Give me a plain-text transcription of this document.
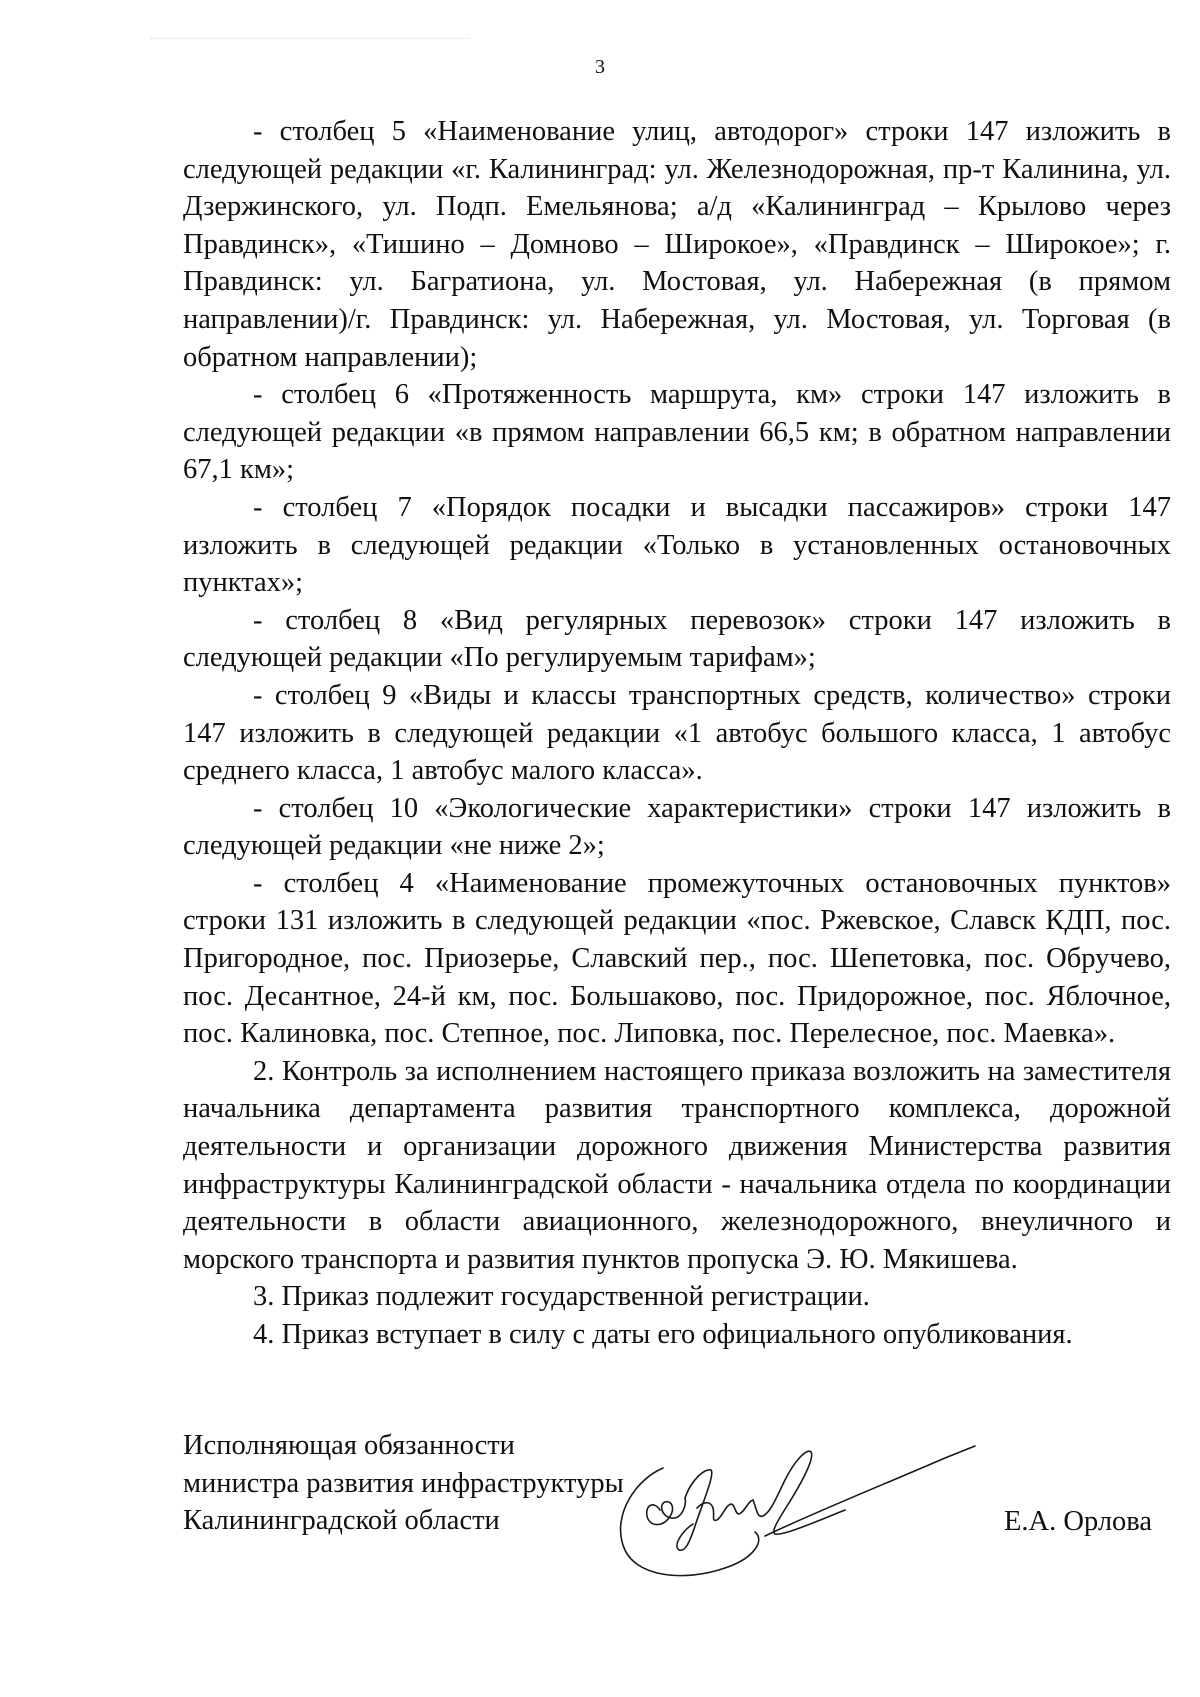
3

- столбец 5 «Наименование улиц, автодорог» строки 147 изложить в следующей редакции «г. Калининград: ул. Железнодорожная, пр-т Калинина, ул. Дзержинского, ул. Подп. Емельянова; а/д «Калининград – Крылово через Правдинск», «Тишино – Домново – Широкое», «Правдинск – Широкое»; г. Правдинск: ул. Багратиона, ул. Мостовая, ул. Набережная (в прямом направлении)/г. Правдинск: ул. Набережная, ул. Мостовая, ул. Торговая (в обратном направлении);

- столбец 6 «Протяженность маршрута, км» строки 147 изложить в следующей редакции «в прямом направлении 66,5 км; в обратном направлении 67,1 км»;

- столбец 7 «Порядок посадки и высадки пассажиров» строки 147 изложить в следующей редакции «Только в установленных остановочных пунктах»;

- столбец 8 «Вид регулярных перевозок» строки 147 изложить в следующей редакции «По регулируемым тарифам»;

- столбец 9 «Виды и классы транспортных средств, количество» строки 147 изложить в следующей редакции «1 автобус большого класса, 1 автобус среднего класса, 1 автобус малого класса».

- столбец 10 «Экологические характеристики» строки 147 изложить в следующей редакции «не ниже 2»;

- столбец 4 «Наименование промежуточных остановочных пунктов» строки 131 изложить в следующей редакции «пос. Ржевское, Славск КДП, пос. Пригородное, пос. Приозерье, Славский пер., пос. Шепетовка, пос. Обручево, пос. Десантное, 24-й км, пос. Большаково, пос. Придорожное, пос. Яблочное, пос. Калиновка, пос. Степное, пос. Липовка, пос. Перелесное, пос. Маевка».

2. Контроль за исполнением настоящего приказа возложить на заместителя начальника департамента развития транспортного комплекса, дорожной деятельности и организации дорожного движения Министерства развития инфраструктуры Калининградской области - начальника отдела по координации деятельности в области авиационного, железнодорожного, внеуличного и морского транспорта и развития пунктов пропуска Э. Ю. Мякишева.

3. Приказ подлежит государственной регистрации.

4. Приказ вступает в силу с даты его официального опубликования.

Исполняющая обязанности
министра развития инфраструктуры
Калининградской области	Е.А. Орлова
